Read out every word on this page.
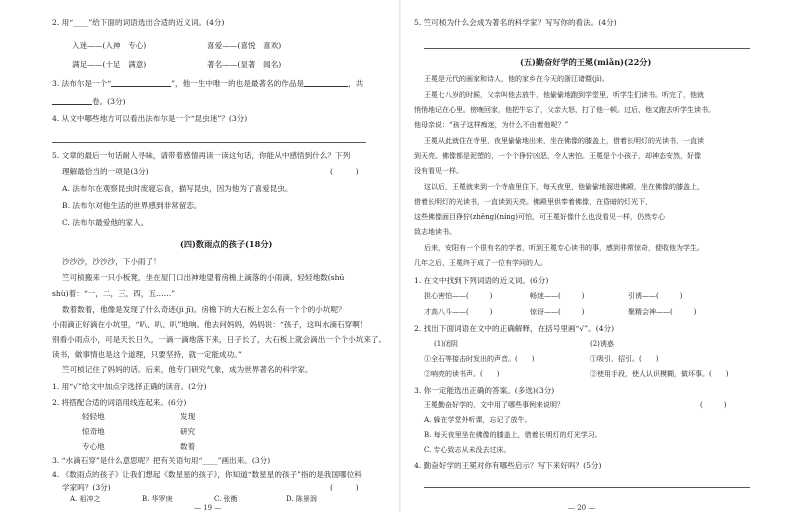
2. 用“____”给下面的词语选出合适的近义词。(4分)
入迷——(入神　专心)	喜爱——(喜悦　喜欢)
满足——(十足　满意)	著名——(显著　闻名)
3. 法布尔是一个“	”，他一生中唯一的也是最著名的作品是	，共
卷。(3分)
4. 从文中哪些地方可以看出法布尔是一个“昆虫迷”？(3分)
5. 文章的最后一句话耐人寻味，请带着感情再读一读这句话，你能从中感悟到什么？下列
理解最恰当的一项是(3分)	(　　　)
A. 法布尔在观察昆虫时废寝忘食，描写昆虫，因为他为了喜爱昆虫。
B. 法布尔对他生活的世界感到非常留恋。
C. 法布尔最爱他的家人。
(四)数雨点的孩子(18分)
沙沙沙，沙沙沙，下小雨了！
竺可桢搬来一只小板凳，坐在屋门口出神地望着房檐上滴落的小雨滴，轻轻地数(shǔ
shù)着：“一，二，三，四，五……”
数着数着，他像是发现了什么奇迹(jì jī)。房檐下的大石板上怎么有一个个的小坑呢？
小雨滴正好滴在小坑里，“叭、叭、叭”地响。他去问妈妈，妈妈说：“孩子，这叫水滴石穿啊！
别看小雨点小，可是天长日久，一滴一滴地落下来，日子长了，大石板上就会滴出一个个小坑来了。
读书，做事情也是这个道理，只要坚持，就一定能成功。”
竺可桢记住了妈妈的话。后来，他专门研究气象，成为世界著名的科学家。
1. 用“√”给文中加点字选择正确的读音。(2分)
2. 将搭配合适的词语用线连起来。(6分)
轻轻地	发现
惊奇地	研究
专心地	数着
3. “水滴石穿”是什么意思呢？把有关语句用“____”画出来。(3分)
4. 《数雨点的孩子》让我们想起《数星星的孩子》，你知道“数星星的孩子”指的是我国哪位科
学家吗？(3分)	(　　　)
A. 祖冲之	B. 华罗庚	C. 张衡	D. 陈景润
— 19 —
5. 竺可桢为什么会成为著名的科学家？写写你的看法。(4分)
(五)勤奋好学的王冕(miǎn)(22分)
王冕是元代的画家和诗人，他的家乡在今天的浙江诸暨(jì)。
王冕七八岁的时候，父亲叫他去放牛，他偷偷地跑到学堂里，听学生们读书。听完了，他就
悄悄地记在心里。傍晚回家，他把牛忘了，父亲大怒，打了他一顿。过后，他又跑去听学生读书。
他母亲说：“孩子这样痴迷，为什么不由着他呢？”
王冕从此就住在寺里，夜里偷偷地出来，坐在佛像的膝盖上，借着长明灯的光读书，一直读
到天亮。佛像都是泥塑的，一个个狰狞凶恶，令人害怕。王冕是个小孩子，却神态安然，好像
没有看见一样。
这以后，王冕就来到一个寺庙里住下，每天夜里，他偷偷地溜进佛殿，坐在佛像的膝盖上，
借着长明灯的光读书，一直读到天亮。佛殿里供奉着佛像，在昏暗的灯光下，
这些佛像面目狰狞(zhēng)(níng)可怕，可王冕好像什么也没看见一样，仍然专心
致志地读书。
后来，安阳有一个很有名的学者，听到王冕专心读书的事，感到非常惊奇，便收他为学生。
几年之后，王冕终于成了一位有学问的人。
1. 在文中找到下列词语的近义词。(6分)
担心害怕——(　　　)	畅迷——(　　　)	引诱——(　　　)
才高八斗——(　　　)	惊讶——(　　　)	聚精会神——(　　　)
2. 找出下面词语在文中的正确解释，在括号里画“√”。(4分)
(1)闭阴	(2)诱惑
①全石等接击时发出的声音。(　　)	①吸引，招引。(　　)
②响亮的读书声。(　　)	②使用手段，使人认识模糊，做坏事。(　　)
3. 你一定能选出正确的答案。(多选)(3分)
王冕勤奋好学的，文中用了哪些事例来说明？	(　　　)
A. 躲在学堂外听课，忘记了放牛。
B. 每天夜里坐在佛像的膝盖上，借着长明灯的灯光学习。
C. 专心致志从未没去过床。
4. 勤奋好学的王冕对你有哪些启示？写下来好吗？(5分)
— 20 —
